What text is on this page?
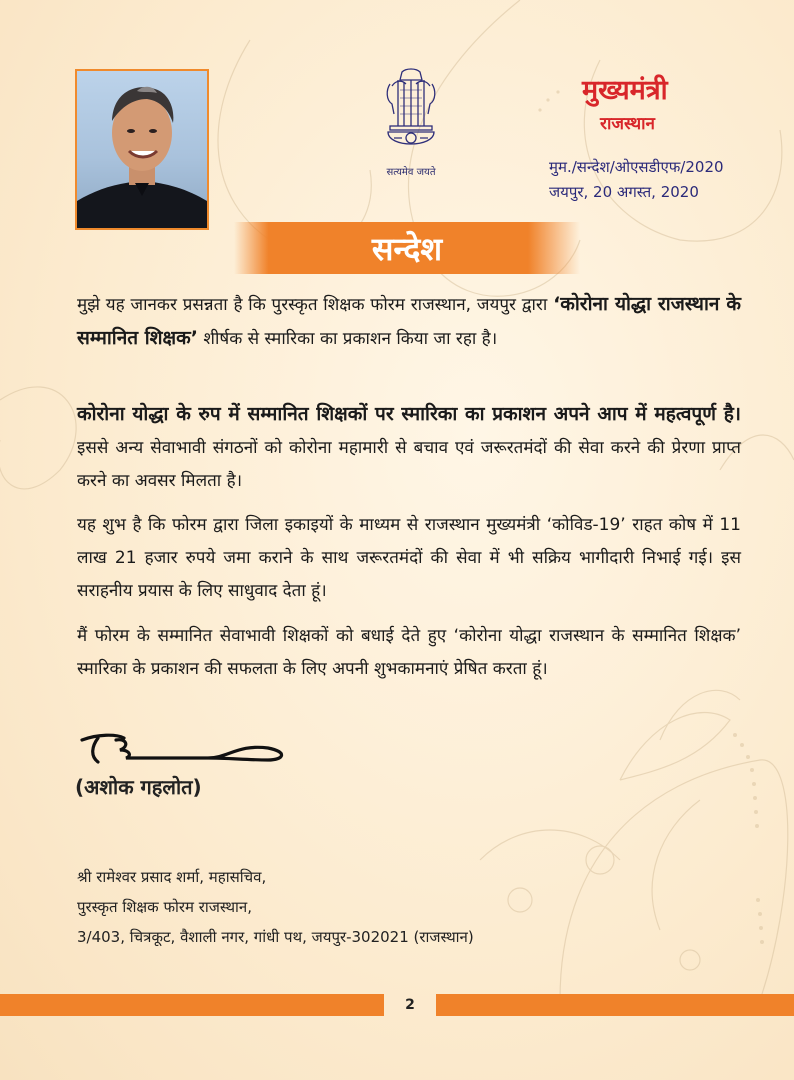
सत्यमेव जयते
मुख्यमंत्री
राजस्थान
मुम./सन्देश/ओएसडीएफ/2020
जयपुर, 20 अगस्त, 2020
सन्देश
मुझे यह जानकर प्रसन्नता है कि पुरस्कृत शिक्षक फोरम राजस्थान, जयपुर द्वारा ‘कोरोना योद्धा राजस्थान के सम्मानित शिक्षक’ शीर्षक से स्मारिका का प्रकाशन किया जा रहा है।
कोरोना योद्धा के रुप में सम्मानित शिक्षकों पर स्मारिका का प्रकाशन अपने आप में महत्वपूर्ण है। इससे अन्य सेवाभावी संगठनों को कोरोना महामारी से बचाव एवं जरूरतमंदों की सेवा करने की प्रेरणा प्राप्त करने का अवसर मिलता है।
यह शुभ है कि फोरम द्वारा जिला इकाइयों के माध्यम से राजस्थान मुख्यमंत्री ‘कोविड-19’ राहत कोष में 11 लाख 21 हजार रुपये जमा कराने के साथ जरूरतमंदों की सेवा में भी सक्रिय भागीदारी निभाई गई। इस सराहनीय प्रयास के लिए साधुवाद देता हूं।
मैं फोरम के सम्मानित सेवाभावी शिक्षकों को बधाई देते हुए ‘कोरोना योद्धा राजस्थान के सम्मानित शिक्षक’ स्मारिका के प्रकाशन की सफलता के लिए अपनी शुभकामनाएं प्रेषित करता हूं।
(अशोक गहलोत)
श्री रामेश्वर प्रसाद शर्मा, महासचिव,
पुरस्कृत शिक्षक फोरम राजस्थान,
3/403, चित्रकूट, वैशाली नगर, गांधी पथ, जयपुर-302021 (राजस्थान)
2
